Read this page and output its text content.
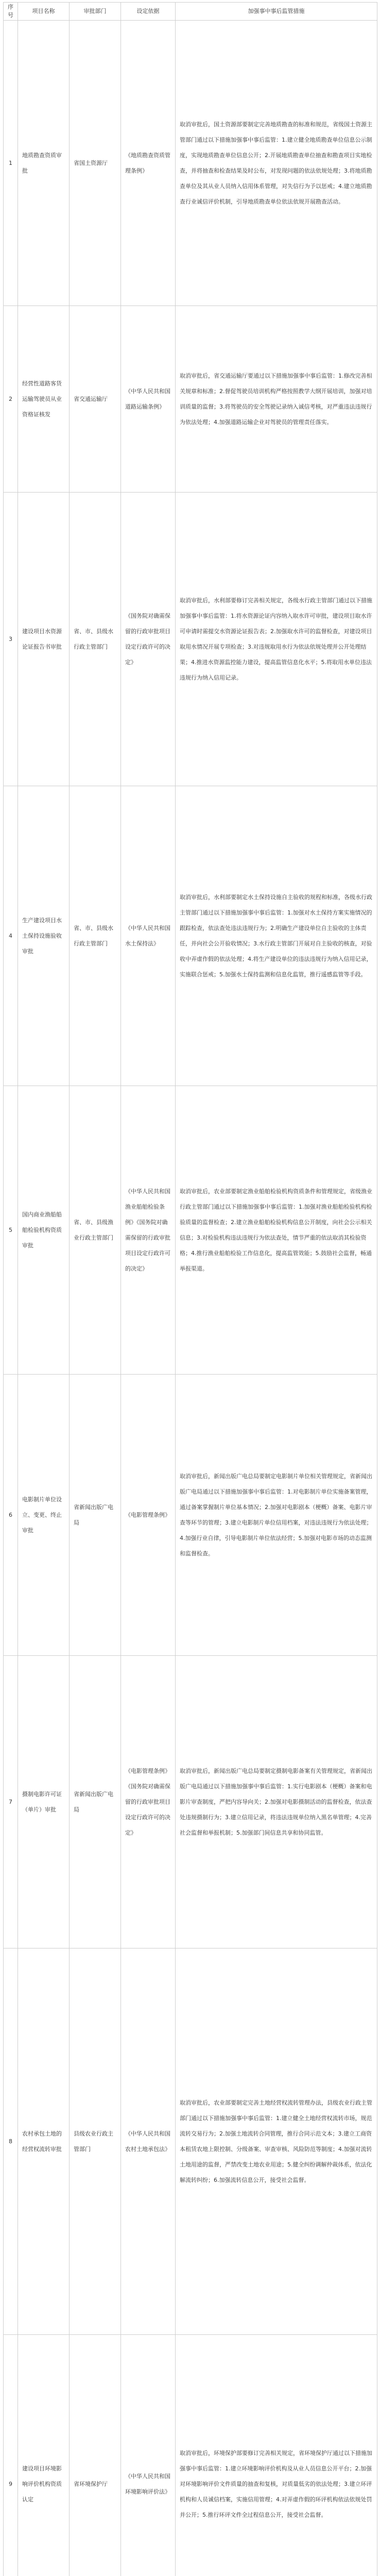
序号	项目名称	审批部门	设定依据	加强事中事后监管措施
1	地质勘查资质审批	省国土资源厅	《地质勘查资质管理条例》	取消审批后，国土资源部要制定完善地质勘查的标准和规范，省级国土资源主管部门通过以下措施加强事中事后监管：1.建立健全地质勘查单位信息公示制度，实现地质勘查单位信息公开；2.开展地质勘查单位抽查和勘查项目实地检查，并将抽查和检查结果及时公布，对发现问题的依法依规处理；3.将地质勘查单位及其从业人员纳入信用体系管理，对失信行为予以惩戒；4.建立地质勘查行业诚信评价机制，引导地质勘查单位依法依规开展勘查活动。
2	经营性道路客货运输驾驶员从业资格证核发	省交通运输厅	《中华人民共和国道路运输条例》	取消审批后，省交通运输厅要通过以下措施加强事中事后监管：1.修改完善相关规章和标准；2.督促驾驶员培训机构严格按照教学大纲开展培训，加强对培训质量的监督；3.将驾驶员的安全驾驶记录纳入诚信考核，对严重违法违规行为依法处理；4.加强道路运输企业对驾驶员的管理责任落实。
3	建设项目水资源论证报告书审批	省、市、县级水行政主管部门	《国务院对确需保留的行政审批项目设定行政许可的决定》	取消审批后，水利部要修订完善相关规定，各级水行政主管部门通过以下措施加强事中事后监管：1.将水资源论证内容纳入取水许可审批，建设项目取水许可申请时需提交水资源论证报告表；2.加强取水许可的监督检查，对建设项目取用水情况开展专项检查；3.对违规取用水行为依法依规处理并公开处理结果；4.推进水资源监控能力建设，提高监管信息化水平；5.将取用水单位违法违规行为纳入信用记录。
4	生产建设项目水土保持设施验收审批	省、市、县级水行政主管部门	《中华人民共和国水土保持法》	取消审批后，水利部要制定水土保持设施自主验收的规程和标准，各级水行政主管部门通过以下措施加强事中事后监管：1.加强对水土保持方案实施情况的跟踪检查，依法查处违法违规行为；2.明确生产建设单位自主验收的主体责任，并向社会公开验收情况；3.水行政主管部门开展对自主验收的核查，对验收中弄虚作假的依法处理；4.将生产建设单位的违法违规行为纳入信用记录，实施联合惩戒；5.加强水土保持监测和信息化监管，推行遥感监管等手段。
5	国内商业渔船船舶检验机构资质审批	省、市、县级渔业行政主管部门	《中华人民共和国渔业船舶检验条例》《国务院对确需保留的行政审批项目设定行政许可的决定》	取消审批后，农业部要制定渔业船舶检验机构资质条件和管理规定，省级渔业行政主管部门通过以下措施加强事中事后监管：1.加强对渔业船舶检验机构检验质量的监督检查；2.建立渔业船舶检验机构信息公开制度，向社会公示相关信息；3.对检验机构违法违规行为依法查处，情节严重的依法取消其检验资格；4.推行渔业船舶检验工作信息化，提高监管效能；5.鼓励社会监督，畅通举报渠道。
6	电影制片单位设立、变更、终止审批	省新闻出版广电局	《电影管理条例》	取消审批后，新闻出版广电总局要制定电影制片单位相关管理规定，省新闻出版广电局通过以下措施加强事中事后监管：1.对电影制片单位实施备案管理，通过备案掌握制片单位基本情况；2.加强对电影剧本（梗概）备案、电影片审查等环节的管理；3.建立电影制片单位信用档案，对违法违规行为依法处理；4.加强行业自律，引导电影制片单位依法经营；5.加强对电影市场的动态监测和监督检查。
7	摄制电影许可证（单片）审批	省新闻出版广电局	《电影管理条例》《国务院对确需保留的行政审批项目设定行政许可的决定》	取消审批后，新闻出版广电总局要制定摄制电影备案有关管理规定，省新闻出版广电局通过以下措施加强事中事后监管：1.实行电影剧本（梗概）备案和电影片审查制度，严把内容导向关；2.加强对电影摄制活动的监督检查，依法查处违规摄制行为；3.建立信用记录，将违法违规单位纳入黑名单管理；4.完善社会监督和举报机制；5.加强部门间信息共享和协同监管。
8	农村承包土地的经营权流转审批	县级农业行政主管部门	《中华人民共和国农村土地承包法》	取消审批后，农业部要制定完善土地经营权流转管理办法，县级农业行政主管部门通过以下措施加强事中事后监管：1.建立健全土地经营权流转市场，规范流转交易行为；2.加强土地流转合同管理，推行合同示范文本；3.建立工商资本租赁农地上限控制、分级备案、审查审核、风险防范等制度；4.加强对流转土地用途的监督，严禁改变土地农业用途；5.健全纠纷调解仲裁体系，依法化解流转纠纷；6.加强流转信息公开，接受社会监督。
9	建设项目环境影响评价机构资质认定	省环境保护厅	《中华人民共和国环境影响评价法》	取消审批后，环境保护部要修订完善相关规定，省环境保护厅通过以下措施加强事中事后监管：1.建立环境影响评价机构及从业人员信息公开平台；2.加强对环境影响评价文件质量的抽查和复核，对质量低劣的依法处理；3.建立环评机构和人员诚信档案，实施信用管理；4.对弄虚作假的环评机构依法依规处罚并公开；5.推行环评文件全过程信息公开，接受社会监督。
